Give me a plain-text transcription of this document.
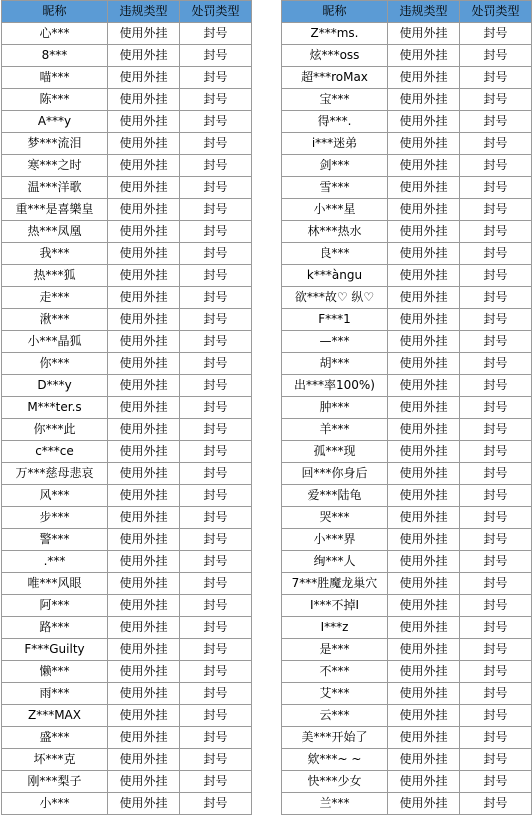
昵称	违规类型	处罚类型
心***	使用外挂	封号
8***	使用外挂	封号
喵***	使用外挂	封号
陈***	使用外挂	封号
A***y	使用外挂	封号
梦***流泪	使用外挂	封号
寒***之时	使用外挂	封号
温***洋歌	使用外挂	封号
重***是喜樂皇	使用外挂	封号
热***凤凰	使用外挂	封号
我***	使用外挂	封号
热***狐	使用外挂	封号
走***	使用外挂	封号
湫***	使用外挂	封号
小***晶狐	使用外挂	封号
你***	使用外挂	封号
D***y	使用外挂	封号
M***ter.s	使用外挂	封号
你***此	使用外挂	封号
c***ce	使用外挂	封号
万***慈母悲哀	使用外挂	封号
风***	使用外挂	封号
步***	使用外挂	封号
警***	使用外挂	封号
.***	使用外挂	封号
唯***风眼	使用外挂	封号
阿***	使用外挂	封号
路***	使用外挂	封号
F***Guilty	使用外挂	封号
懒***	使用外挂	封号
雨***	使用外挂	封号
Z***MAX	使用外挂	封号
盛***	使用外挂	封号
坏***克	使用外挂	封号
刚***梨子	使用外挂	封号
小***	使用外挂	封号
昵称	违规类型	处罚类型
Z***ms.	使用外挂	封号
炫***oss	使用外挂	封号
超***roMax	使用外挂	封号
宝***	使用外挂	封号
得***.	使用外挂	封号
i***迷弟	使用外挂	封号
剑***	使用外挂	封号
雪***	使用外挂	封号
小***星	使用外挂	封号
林***热水	使用外挂	封号
良***	使用外挂	封号
k***àngu	使用外挂	封号
欲***故♡ 纵♡	使用外挂	封号
F***1	使用外挂	封号
—***	使用外挂	封号
胡***	使用外挂	封号
出***率100%)	使用外挂	封号
肿***	使用外挂	封号
羊***	使用外挂	封号
孤***现	使用外挂	封号
回***你身后	使用外挂	封号
爱***陆龟	使用外挂	封号
哭***	使用外挂	封号
小***界	使用外挂	封号
绚***人	使用外挂	封号
7***胜魔龙巢穴	使用外挂	封号
I***不掉I	使用外挂	封号
I***z	使用外挂	封号
是***	使用外挂	封号
不***	使用外挂	封号
艾***	使用外挂	封号
云***	使用外挂	封号
美***开始了	使用外挂	封号
欸***~ ~	使用外挂	封号
快***少女	使用外挂	封号
兰***	使用外挂	封号
